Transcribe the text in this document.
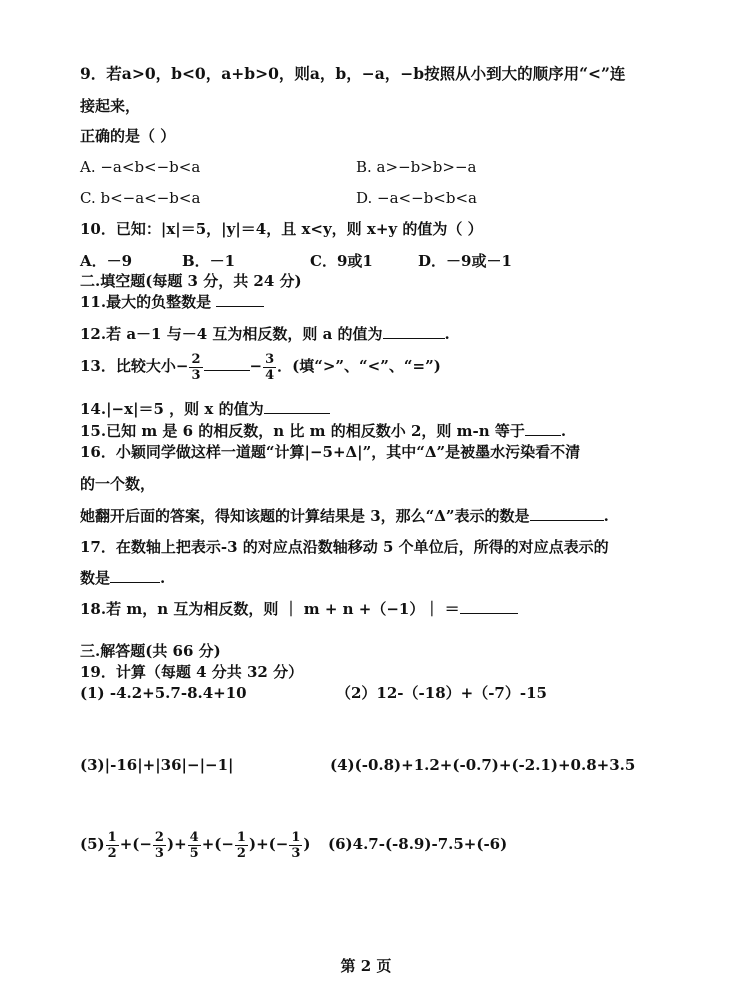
9．若a>0，b<0，a+b>0，则a，b，−a，−b按照从小到大的顺序用“<”连
接起来，
正确的是（ ）
A. −a<b<−b<a	B. a>−b>b>−a
C. b<−a<−b<a	D. −a<−b<b<a
10．已知：|x|＝5，|y|＝4，且 x<y，则 x+y 的值为（ ）
A．－9	B．－1	C．9或1	D．－9或－1
二.填空题(每题 3 分，共 24 分)
11.最大的负整数是
12.若 a－1 与－4 互为相反数，则 a 的值为	.
13．比较大小− $\frac{2}{3}$	− $\frac{3}{4}$ ．(填“>”、“<”、“=”)
14.|−x|＝5 ，则 x 的值为
15.已知 m 是 6 的相反数，n 比 m 的相反数小 2，则 m-n 等于 .
16．小颖同学做这样一道题“计算|−5+Δ|”，其中“Δ”是被墨水污染看不清
的一个数，
她翻开后面的答案，得知该题的计算结果是 3，那么“Δ”表示的数是	.
17．在数轴上把表示-3 的对应点沿数轴移动 5 个单位后，所得的对应点表示的
数是	.
18.若 m，n 互为相反数，则 ｜ m + n +（−1）｜ ＝
三.解答题(共 66 分)
19．计算（每题 4 分共 32 分）
(1) -4.2+5.7-8.4+10	（2）12-（-18）+（-7）-15
(3)|-16|+|36|−|−1|	(4)(-0.8)+1.2+(-0.7)+(-2.1)+0.8+3.5
$(5) \frac{1}{2}$ +(− $\frac{2}{3}$ )+ $\frac{4}{5}$ +(− $\frac{1}{2}$ )+(− $\frac{1}{3}$ ) (6)4.7-(-8.9)-7.5+(-6)
第 2 页
